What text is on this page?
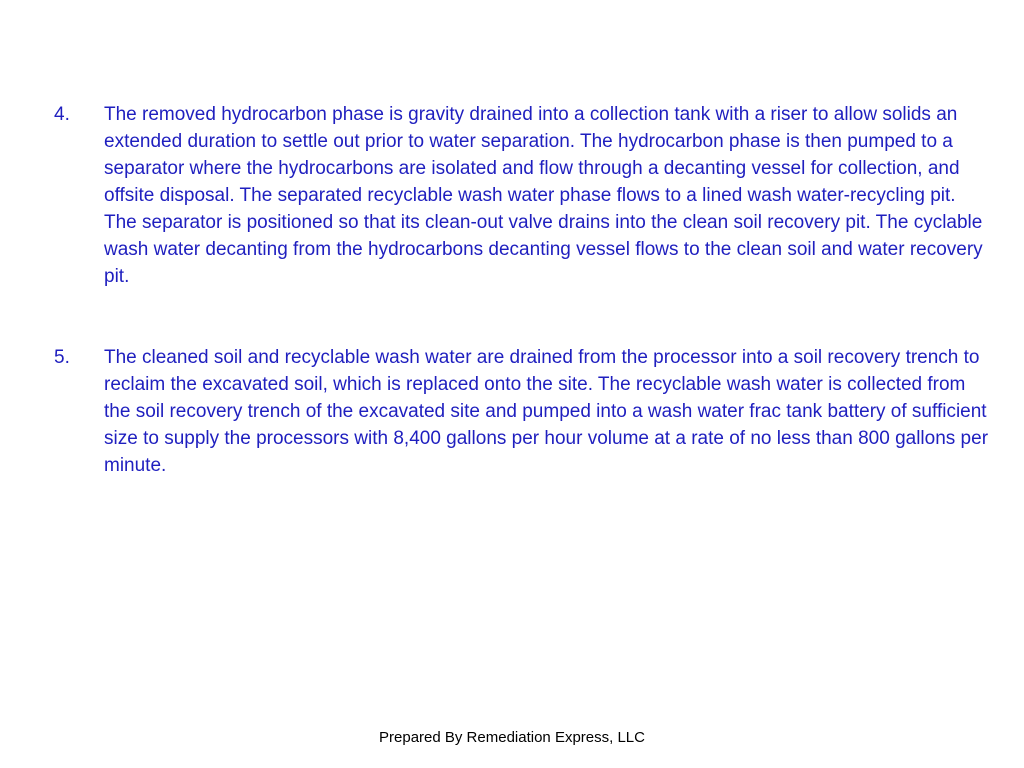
4.	The removed hydrocarbon phase is gravity drained into a collection tank with a riser to allow solids an extended duration to settle out prior to water separation. The hydrocarbon phase is then pumped to a separator where the hydrocarbons are isolated and flow through a decanting vessel for collection, and offsite disposal. The separated recyclable wash water phase flows to a lined wash water-recycling pit. The separator is positioned so that its clean-out valve drains into the clean soil recovery pit. The cyclable wash water decanting from the hydrocarbons decanting vessel flows to the clean soil and water recovery pit.
5.	The cleaned soil and recyclable wash water are drained from the processor into a soil recovery trench to reclaim the excavated soil, which is replaced onto the site. The recyclable wash water is collected from the soil recovery trench of the excavated site and pumped into a wash water frac tank battery of sufficient size to supply the processors with 8,400 gallons per hour volume at a rate of no less than 800 gallons per minute.
Prepared By Remediation Express, LLC
